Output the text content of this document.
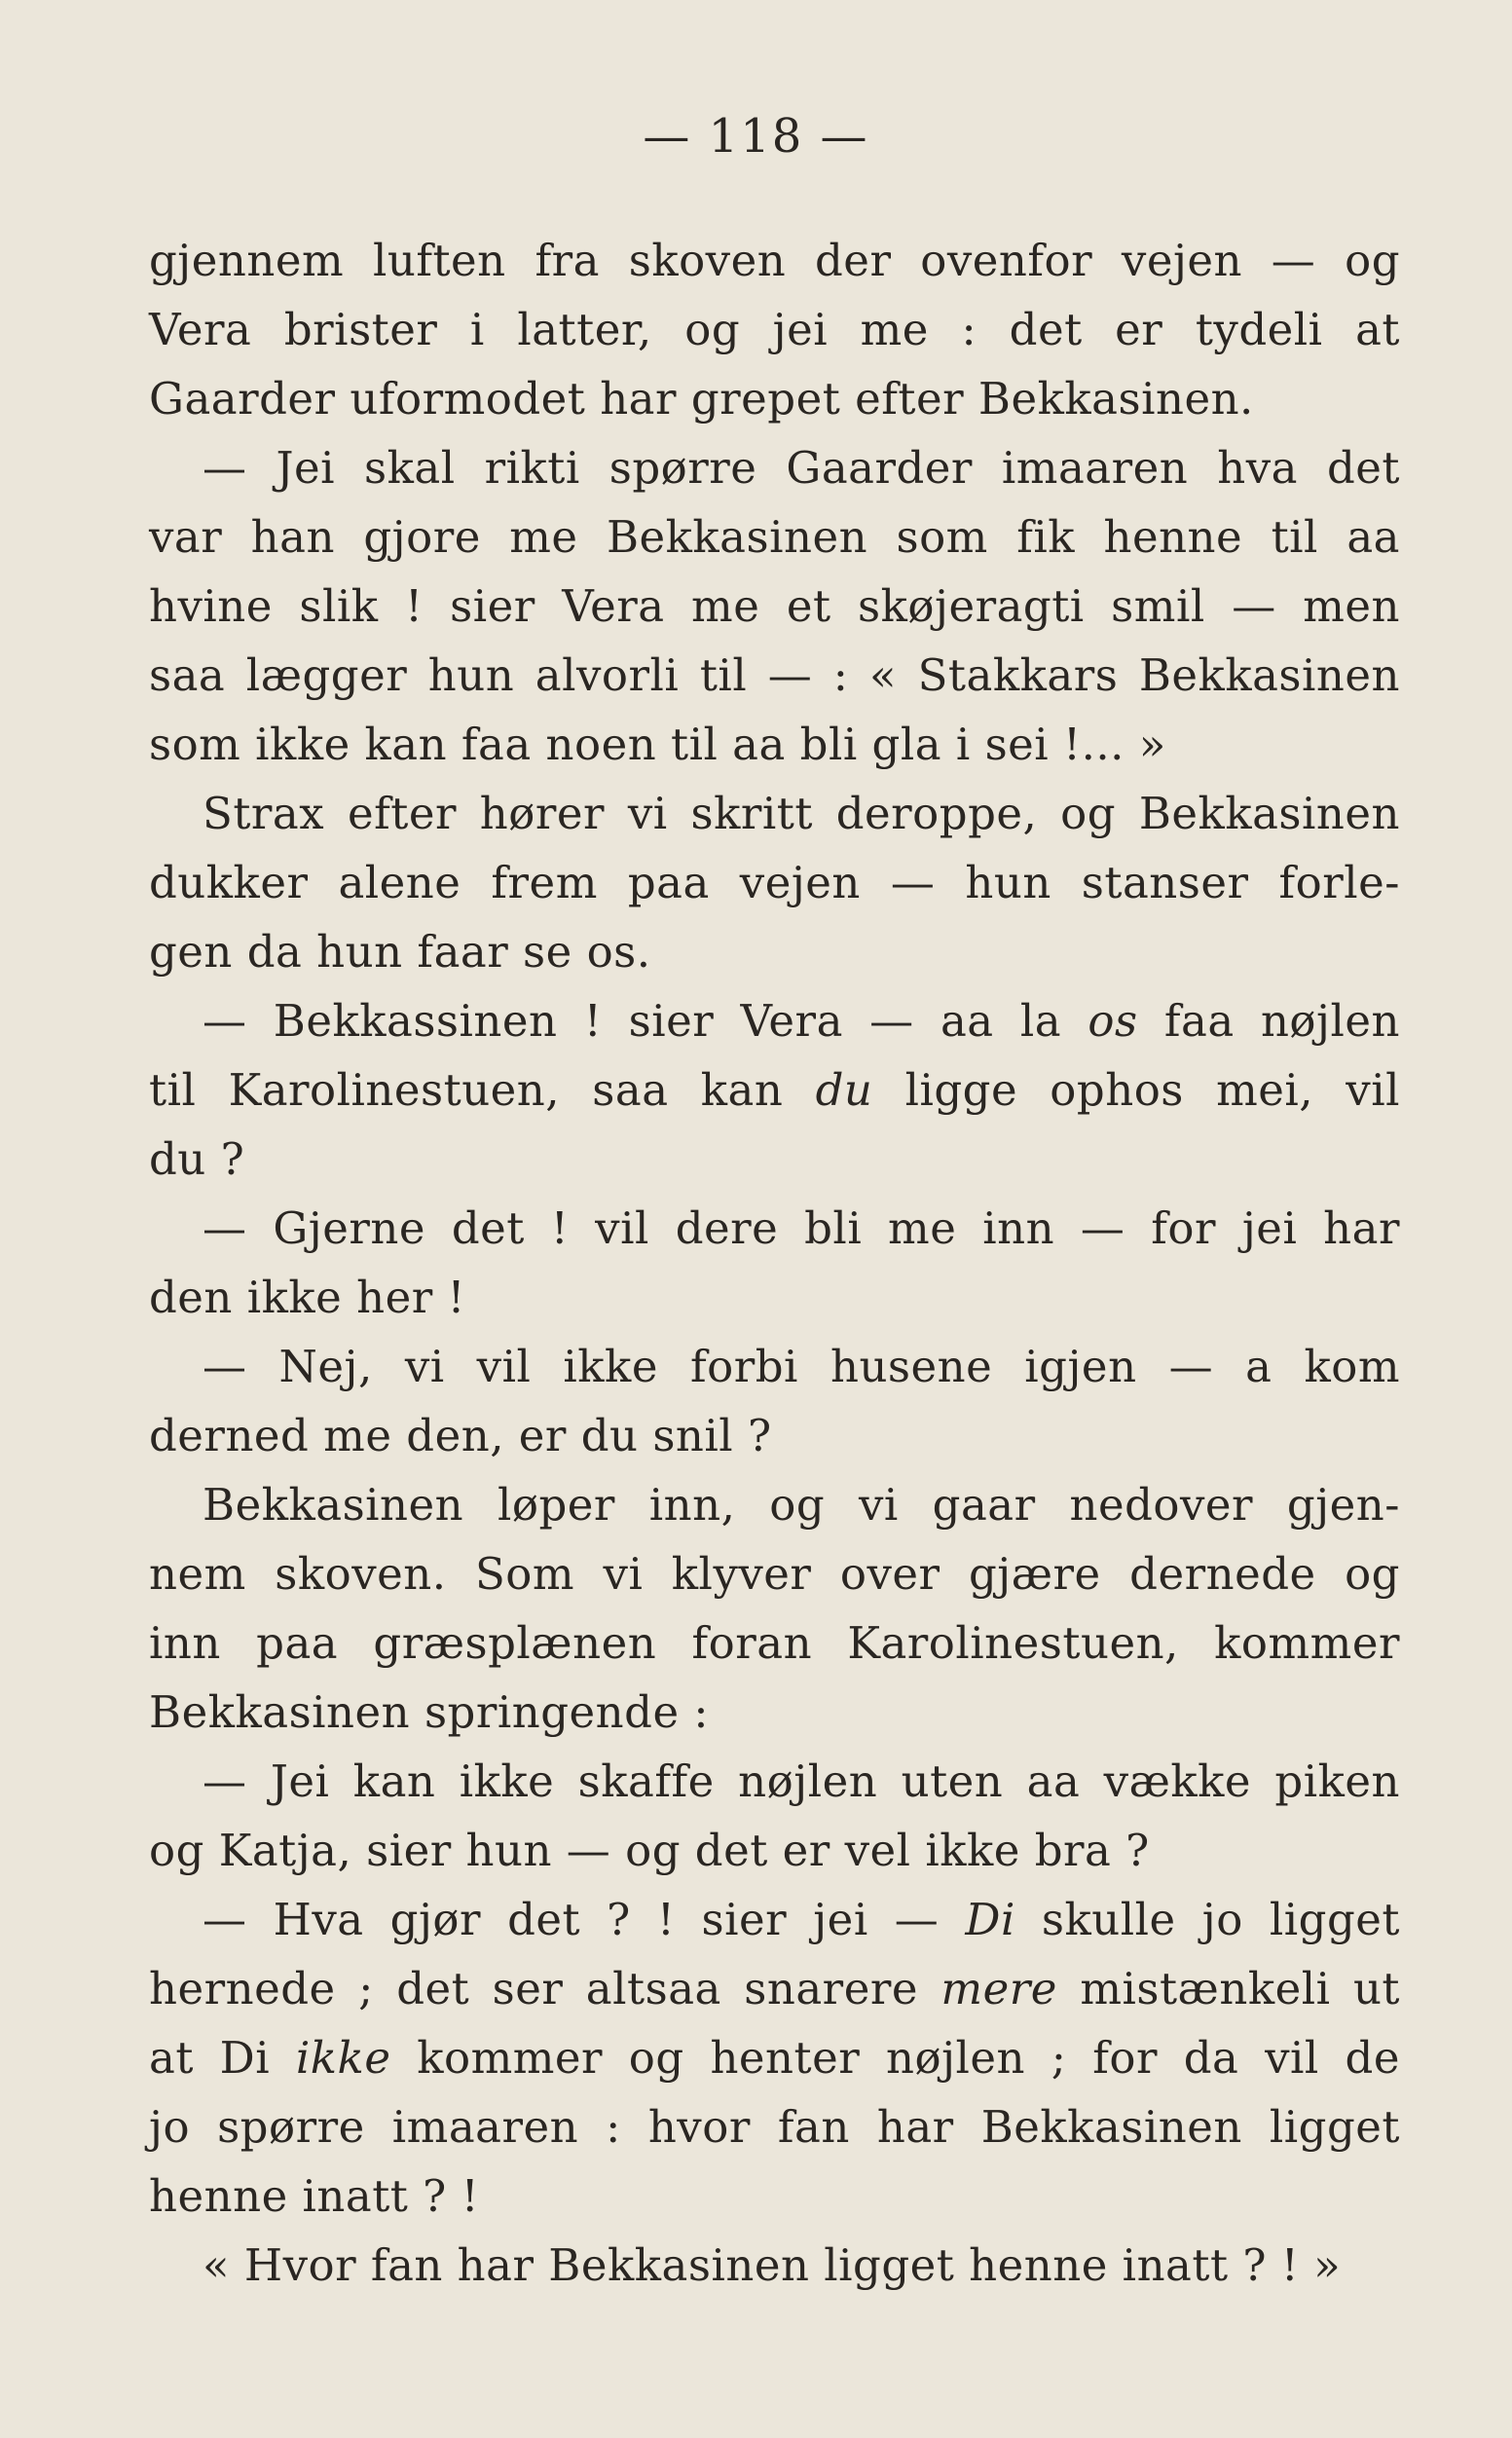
— 118 —
gjennem luften fra skoven der ovenfor vejen — og
Vera brister i latter, og jei me : det er tydeli at
Gaarder uformodet har grepet efter Bekkasinen.
— Jei skal rikti spørre Gaarder imaaren hva det
var han gjore me Bekkasinen som fik henne til aa
hvine slik ! sier Vera me et skøjeragti smil — men
saa lægger hun alvorli til — : « Stakkars Bekkasinen
som ikke kan faa noen til aa bli gla i sei !... »
Strax efter hører vi skritt deroppe, og Bekkasinen
dukker alene frem paa vejen — hun stanser forle-
gen da hun faar se os.
— Bekkassinen ! sier Vera — aa la os faa nøjlen
til Karolinestuen, saa kan du ligge ophos mei, vil
du ?
— Gjerne det ! vil dere bli me inn — for jei har
den ikke her !
— Nej, vi vil ikke forbi husene igjen — a kom
derned me den, er du snil ?
Bekkasinen løper inn, og vi gaar nedover gjen-
nem skoven. Som vi klyver over gjære dernede og
inn paa græsplænen foran Karolinestuen, kommer
Bekkasinen springende :
— Jei kan ikke skaffe nøjlen uten aa vække piken
og Katja, sier hun — og det er vel ikke bra ?
— Hva gjør det ? ! sier jei — Di skulle jo ligget
hernede ; det ser altsaa snarere mere mistænkeli ut
at Di ikke kommer og henter nøjlen ; for da vil de
jo spørre imaaren : hvor fan har Bekkasinen ligget
henne inatt ? !
« Hvor fan har Bekkasinen ligget henne inatt ? ! »
